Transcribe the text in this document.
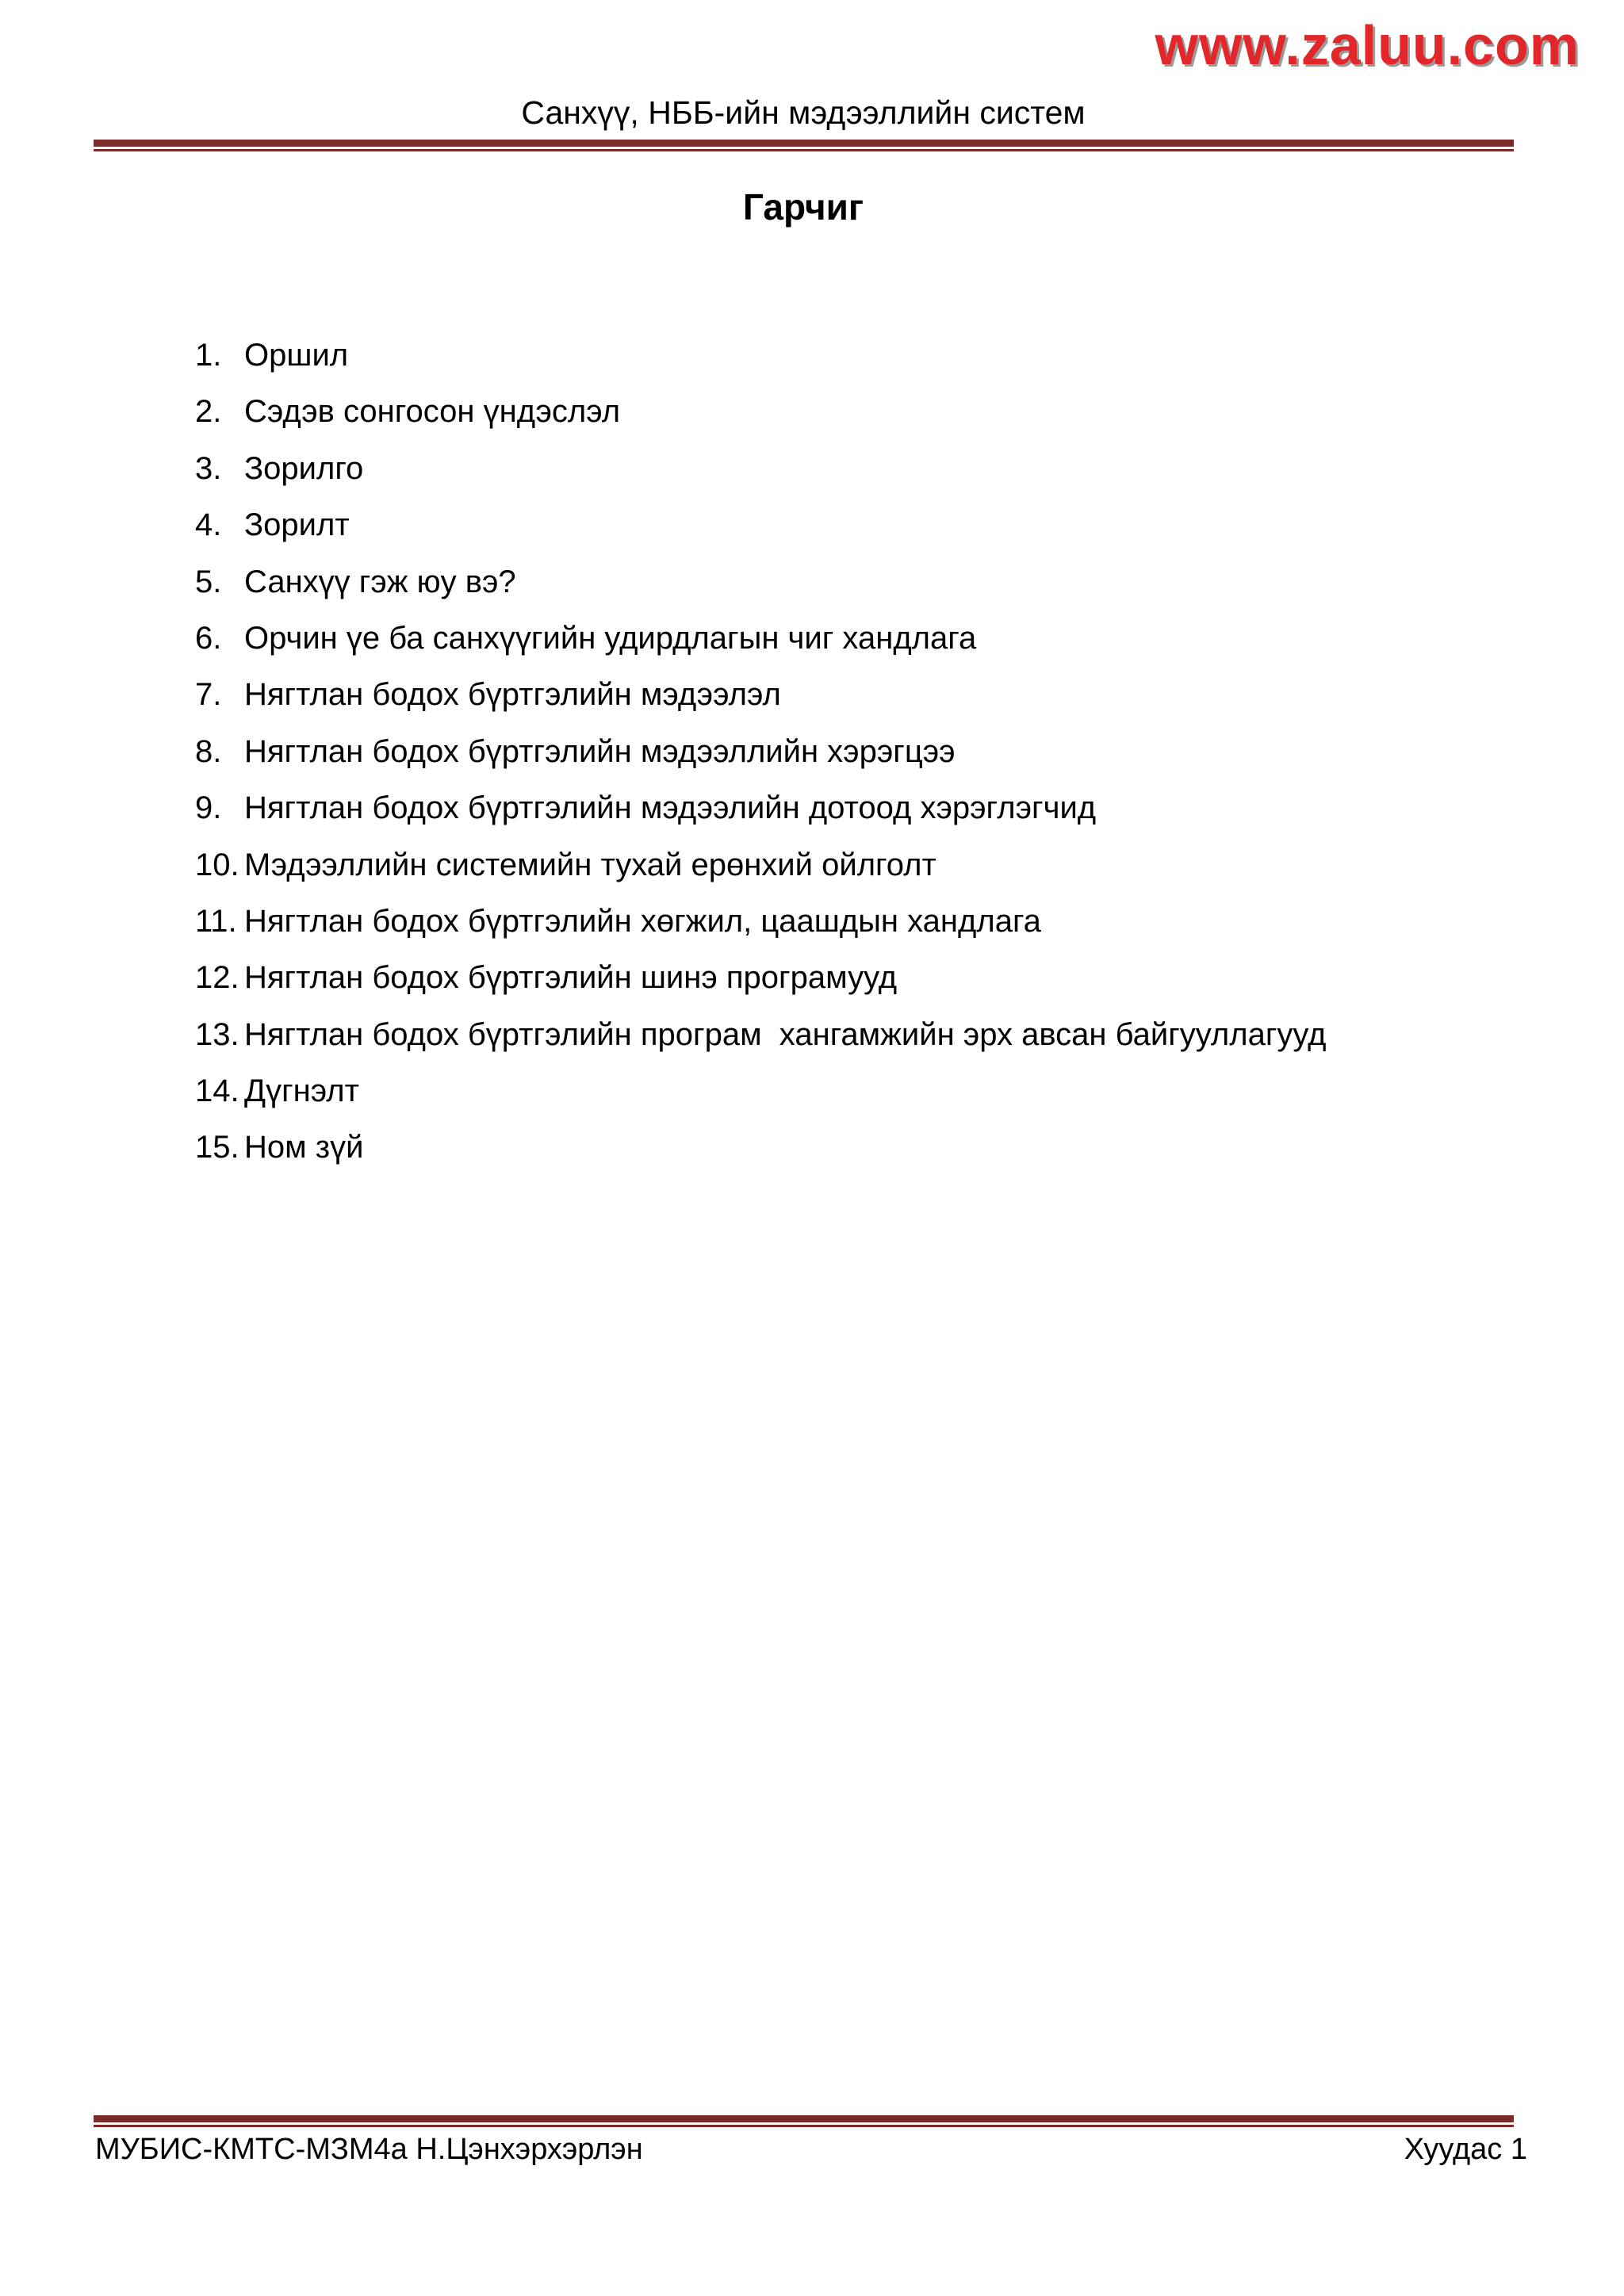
www.zaluu.com
Санхүү, НББ-ийн мэдээллийн систем
Гарчиг
1. Оршил
2. Сэдэв сонгосон үндэслэл
3. Зорилго
4. Зорилт
5. Санхүү гэж юу вэ?
6. Орчин үе ба санхүүгийн удирдлагын чиг хандлага
7. Нягтлан бодох бүртгэлийн мэдээлэл
8. Нягтлан бодох бүртгэлийн мэдээллийн хэрэгцээ
9. Нягтлан бодох бүртгэлийн мэдээлийн дотоод хэрэглэгчид
10. Мэдээллийн системийн тухай ерөнхий ойлголт
11. Нягтлан бодох бүртгэлийн хөгжил, цаашдын хандлага
12. Нягтлан бодох бүртгэлийн шинэ програмууд
13. Нягтлан бодох бүртгэлийн програм  хангамжийн эрх авсан байгууллагууд
14. Дүгнэлт
15. Ном зүй
МУБИС-КМТС-МЗМ4а Н.Цэнхэрхэрлэн	Хуудас 1
